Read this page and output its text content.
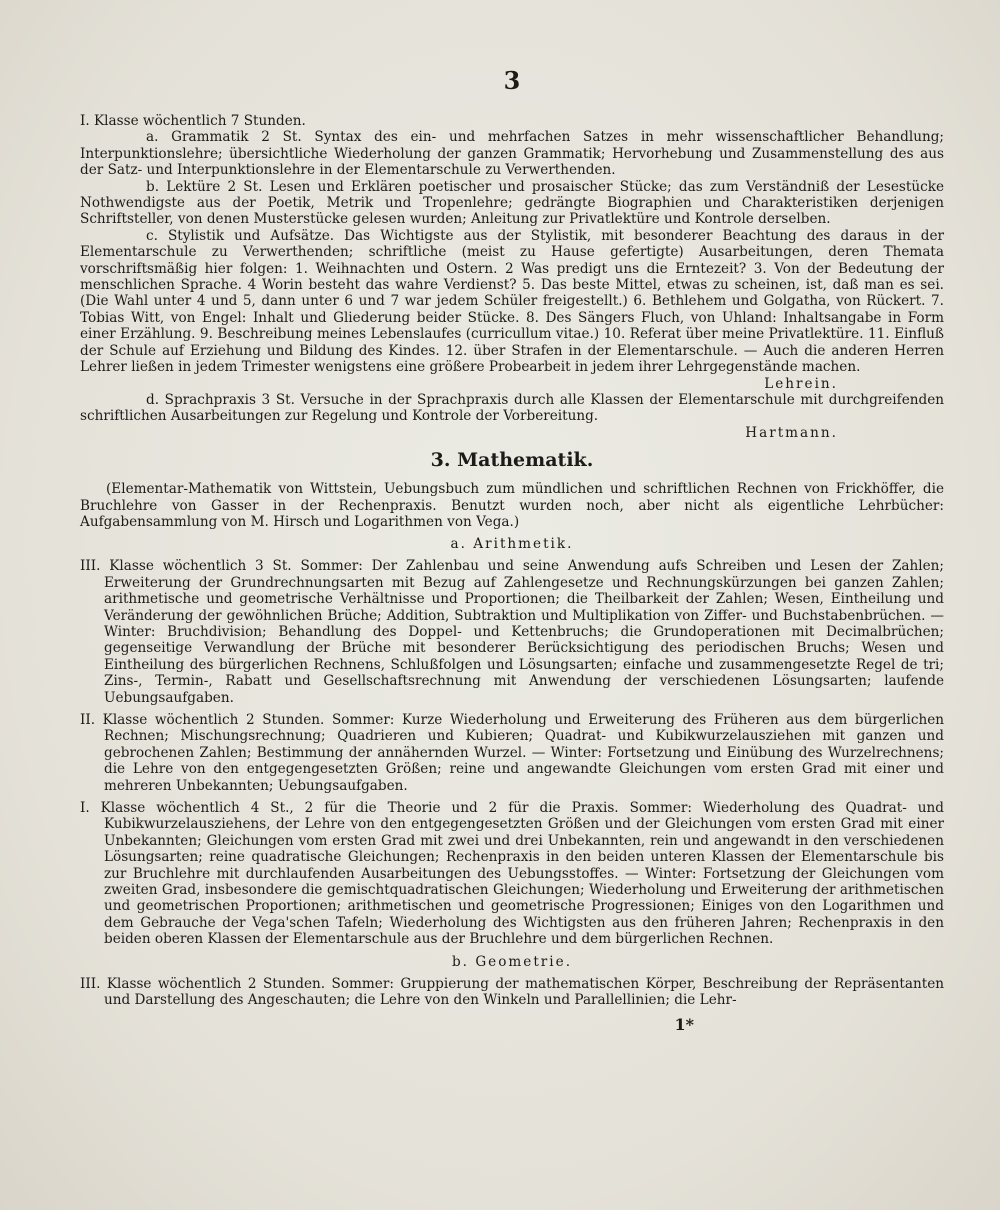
3

I. Klasse wöchentlich 7 Stunden.

a. Grammatik 2 St. Syntax des ein- und mehrfachen Satzes in mehr wissenschaftlicher Behandlung; Interpunktionslehre; übersichtliche Wiederholung der ganzen Grammatik; Hervorhebung und Zusammenstellung des aus der Satz- und Interpunktionslehre in der Elementarschule zu Verwerthenden.

b. Lektüre 2 St. Lesen und Erklären poetischer und prosaischer Stücke; das zum Verständniß der Lesestücke Nothwendigste aus der Poetik, Metrik und Tropenlehre; gedrängte Biographien und Charakteristiken derjenigen Schriftsteller, von denen Musterstücke gelesen wurden; Anleitung zur Privatlektüre und Kontrole derselben.

c. Stylistik und Aufsätze. Das Wichtigste aus der Stylistik, mit besonderer Beachtung des daraus in der Elementarschule zu Verwerthenden; schriftliche (meist zu Hause gefertigte) Ausarbeitungen, deren Themata vorschriftsmäßig hier folgen: 1. Weihnachten und Ostern. 2 Was predigt uns die Erntezeit? 3. Von der Bedeutung der menschlichen Sprache. 4 Worin besteht das wahre Verdienst? 5. Das beste Mittel, etwas zu scheinen, ist, daß man es sei. (Die Wahl unter 4 und 5, dann unter 6 und 7 war jedem Schüler freigestellt.) 6. Bethlehem und Golgatha, von Rückert. 7. Tobias Witt, von Engel: Inhalt und Gliederung beider Stücke. 8. Des Sängers Fluch, von Uhland: Inhaltsangabe in Form einer Erzählung. 9. Beschreibung meines Lebenslaufes (curricullum vitae.) 10. Referat über meine Privatlektüre. 11. Einfluß der Schule auf Erziehung und Bildung des Kindes. 12. über Strafen in der Elementarschule. — Auch die anderen Herren Lehrer ließen in jedem Trimester wenigstens eine größere Probearbeit in jedem ihrer Lehrgegenstände machen.

Lehrein.

d. Sprachpraxis 3 St. Versuche in der Sprachpraxis durch alle Klassen der Elementarschule mit durchgreifenden schriftlichen Ausarbeitungen zur Regelung und Kontrole der Vorbereitung.

Hartmann.
3. Mathematik.

(Elementar-Mathematik von Wittstein, Uebungsbuch zum mündlichen und schriftlichen Rechnen von Frickhöffer, die Bruchlehre von Gasser in der Rechenpraxis. Benutzt wurden noch, aber nicht als eigentliche Lehrbücher: Aufgabensammlung von M. Hirsch und Logarithmen von Vega.)

a. Arithmetik.

III. Klasse wöchentlich 3 St. Sommer: Der Zahlenbau und seine Anwendung aufs Schreiben und Lesen der Zahlen; Erweiterung der Grundrechnungsarten mit Bezug auf Zahlengesetze und Rechnungskürzungen bei ganzen Zahlen; arithmetische und geometrische Verhältnisse und Proportionen; die Theilbarkeit der Zahlen; Wesen, Eintheilung und Veränderung der gewöhnlichen Brüche; Addition, Subtraktion und Multiplikation von Ziffer- und Buchstabenbrüchen. — Winter: Bruchdivision; Behandlung des Doppel- und Kettenbruchs; die Grundoperationen mit Decimalbrüchen; gegenseitige Verwandlung der Brüche mit besonderer Berücksichtigung des periodischen Bruchs; Wesen und Eintheilung des bürgerlichen Rechnens, Schlußfolgen und Lösungsarten; einfache und zusammengesetzte Regel de tri; Zins-, Termin-, Rabatt und Gesellschaftsrechnung mit Anwendung der verschiedenen Lösungsarten; laufende Uebungsaufgaben.

II. Klasse wöchentlich 2 Stunden. Sommer: Kurze Wiederholung und Erweiterung des Früheren aus dem bürgerlichen Rechnen; Mischungsrechnung; Quadrieren und Kubieren; Quadrat- und Kubikwurzelausziehen mit ganzen und gebrochenen Zahlen; Bestimmung der annähernden Wurzel. — Winter: Fortsetzung und Einübung des Wurzelrechnens; die Lehre von den entgegengesetzten Größen; reine und angewandte Gleichungen vom ersten Grad mit einer und mehreren Unbekannten; Uebungsaufgaben.

I. Klasse wöchentlich 4 St., 2 für die Theorie und 2 für die Praxis. Sommer: Wiederholung des Quadrat- und Kubikwurzelausziehens, der Lehre von den entgegengesetzten Größen und der Gleichungen vom ersten Grad mit einer Unbekannten; Gleichungen vom ersten Grad mit zwei und drei Unbekannten, rein und angewandt in den verschiedenen Lösungsarten; reine quadratische Gleichungen; Rechenpraxis in den beiden unteren Klassen der Elementarschule bis zur Bruchlehre mit durchlaufenden Ausarbeitungen des Uebungsstoffes. — Winter: Fortsetzung der Gleichungen vom zweiten Grad, insbesondere die gemischtquadratischen Gleichungen; Wiederholung und Erweiterung der arithmetischen und geometrischen Proportionen; arithmetischen und geometrische Progressionen; Einiges von den Logarithmen und dem Gebrauche der Vega'schen Tafeln; Wiederholung des Wichtigsten aus den früheren Jahren; Rechenpraxis in den beiden oberen Klassen der Elementarschule aus der Bruchlehre und dem bürgerlichen Rechnen.

b. Geometrie.

III. Klasse wöchentlich 2 Stunden. Sommer: Gruppierung der mathematischen Körper, Beschreibung der Repräsentanten und Darstellung des Angeschauten; die Lehre von den Winkeln und Parallellinien; die Lehr-

1*
